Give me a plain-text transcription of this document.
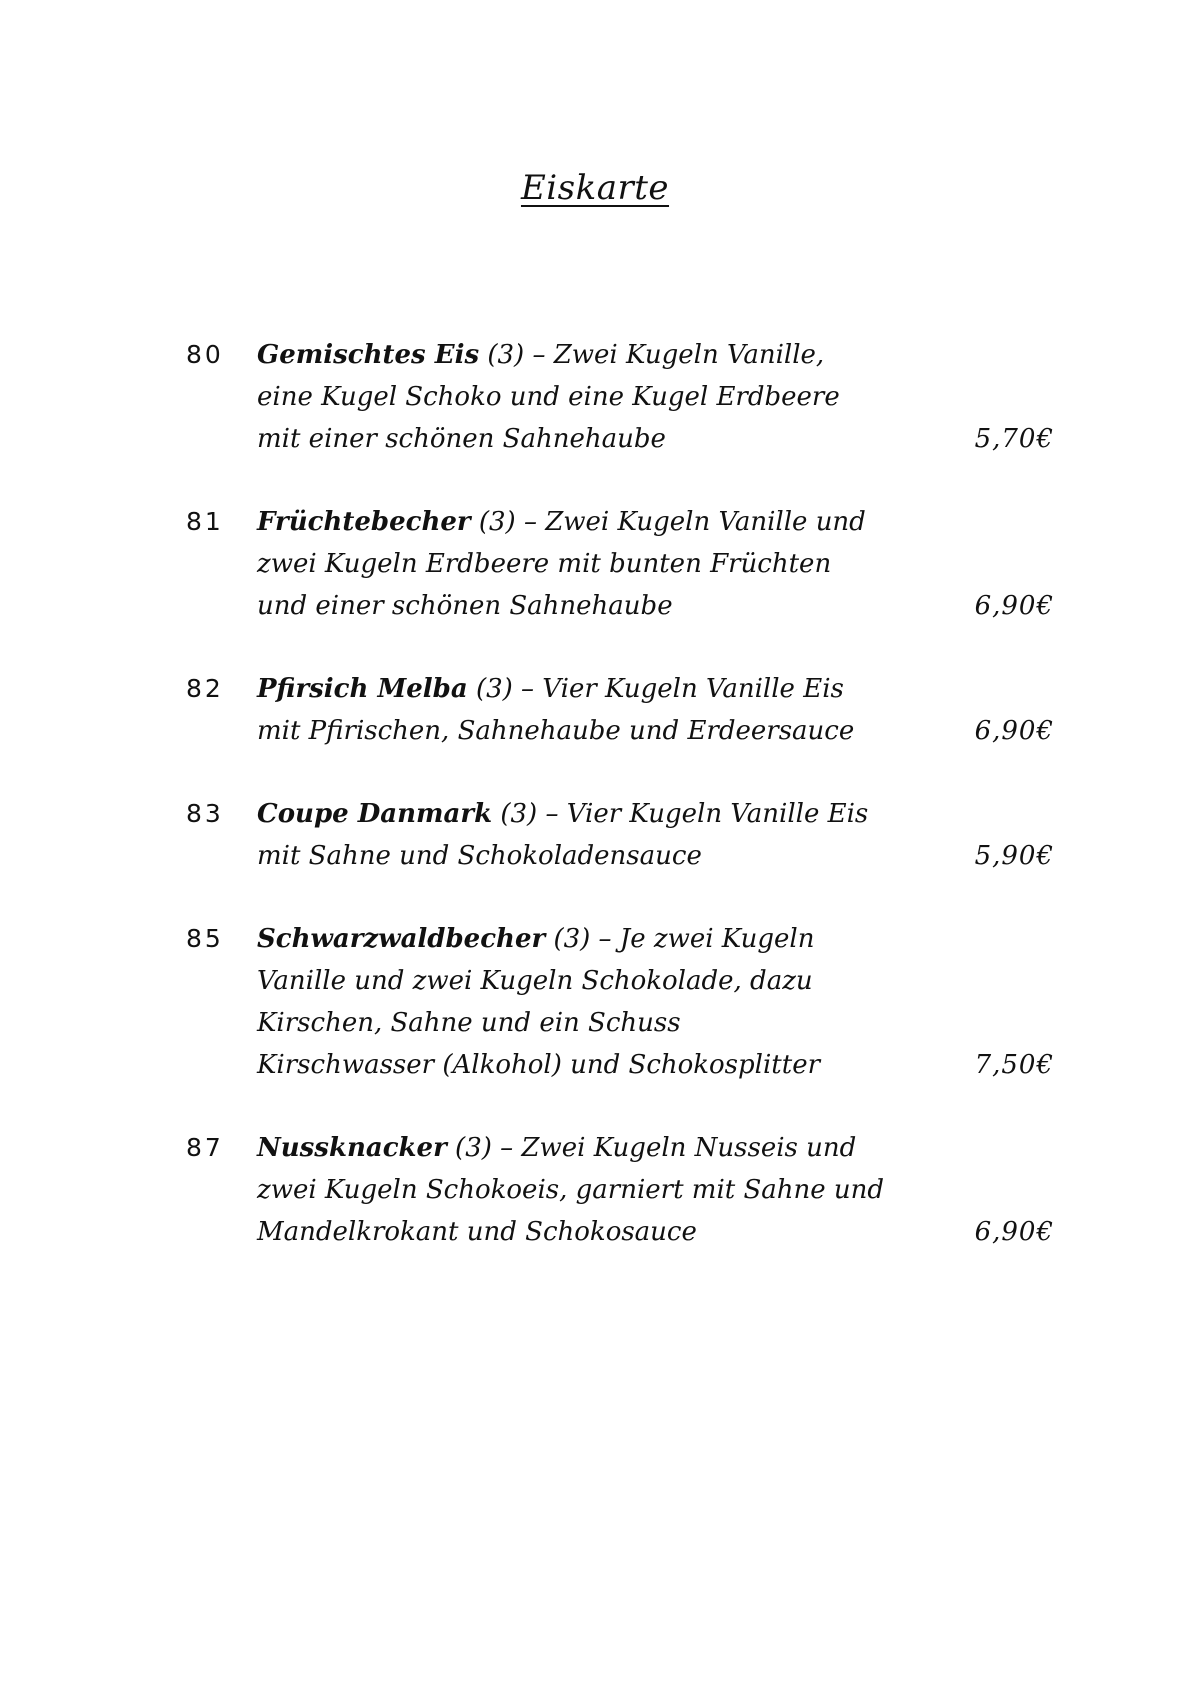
Eiskarte
80 Gemischtes Eis (3) – Zwei Kugeln Vanille,
eine Kugel Schoko und eine Kugel Erdbeere
mit einer schönen Sahnehaube	5,70€
81 Früchtebecher (3) – Zwei Kugeln Vanille und
zwei Kugeln Erdbeere mit bunten Früchten
und einer schönen Sahnehaube	6,90€
82 Pfirsich Melba (3) – Vier Kugeln Vanille Eis
mit Pfirischen, Sahnehaube und Erdeersauce	6,90€
83 Coupe Danmark (3) – Vier Kugeln Vanille Eis
mit Sahne und Schokoladensauce	5,90€
85 Schwarzwaldbecher (3) – Je zwei Kugeln
Vanille und zwei Kugeln Schokolade, dazu
Kirschen, Sahne und ein Schuss
Kirschwasser (Alkohol) und Schokosplitter	7,50€
87 Nussknacker (3) – Zwei Kugeln Nusseis und
zwei Kugeln Schokoeis, garniert mit Sahne und
Mandelkrokant und Schokosauce	6,90€
